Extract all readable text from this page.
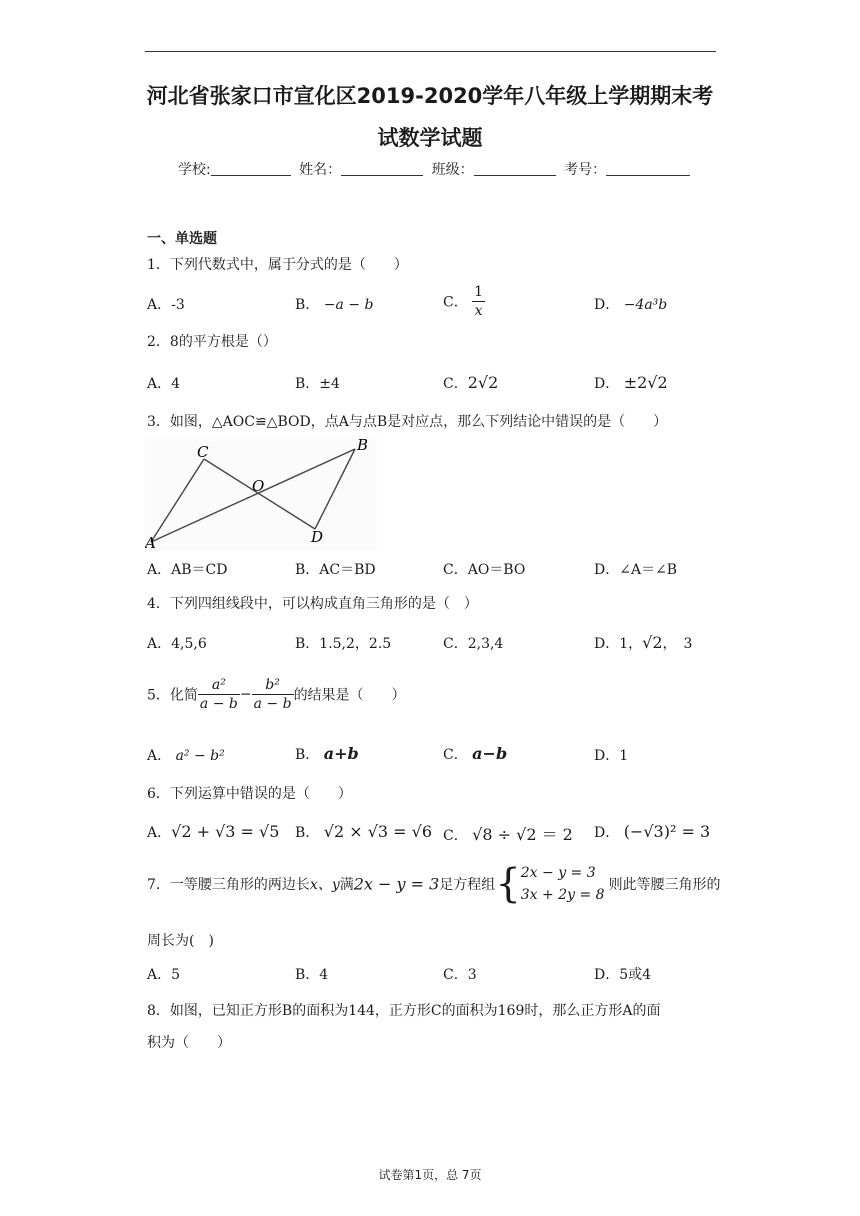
河北省张家口市宣化区2019-2020学年八年级上学期期末考
试数学试题
学校:	姓名：	班级：	考号：
一、单选题
1．下列代数式中，属于分式的是（　　）
A．-3	B． −a − b	C． $\frac{1}{x}$	D． −4a³b
2．8的平方根是（）
A．4	B．±4	C．2√2	D． ±2√2
3．如图，△AOC≌△BOD，点A与点B是对应点，那么下列结论中错误的是（　　）
A
B
C
D
O
A．AB＝CD	B．AC＝BD	C．AO＝BO	D．∠A＝∠B
4．下列四组线段中，可以构成直角三角形的是（　）
A．4,5,6	B．1.5,2，2.5	C．2,3,4	D．1，√2，　3
5．化简 $\frac{\text{a²}}{a - b} - \frac{\text{b²}}{a - b}$ 的结果是（　　）
A． a² − b²	B． a+b	C． a−b	D．1
6．下列运算中错误的是（　　）
A．√2 + √3 = √5 B． √2 × √3 = √6 C． √8 ÷ √2 ＝ 2 D． (−√3)² = 3
7．一等腰三角形的两边长x、y满2x − y = 3足方程组{ 2x − y = 3
3x + 2y = 8
则此等腰三角形的
周长为(　)
A．5	B．4	C．3	D．5或4
8．如图，已知正方形B的面积为144，正方形C的面积为169时，那么正方形A的面
积为（　　）
试卷第1页，总 7页
